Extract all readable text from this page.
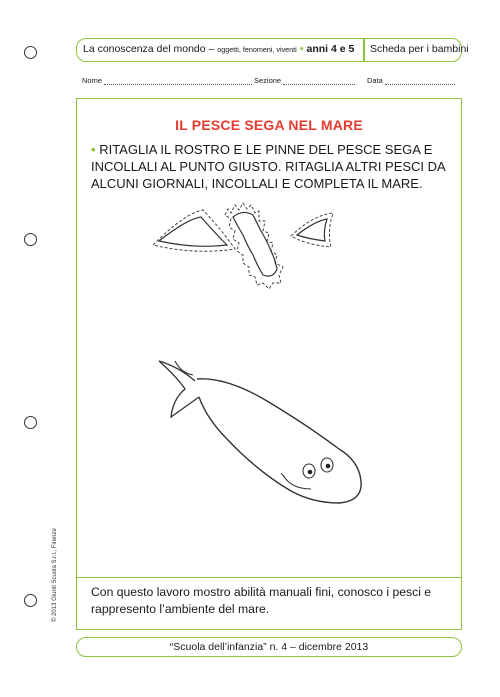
La conoscenza del mondo – oggetti, fenomeni, viventi • anni 4 e 5 Scheda per i bambini
Nome	Sezione	Data
IL PESCE SEGA NEL MARE
• RITAGLIA IL ROSTRO E LE PINNE DEL PESCE SEGA E INCOLLALI AL PUNTO GIUSTO. RITAGLIA ALTRI PESCI DA ALCUNI GIORNALI, INCOLLALI E COMPLETA IL MARE.

Con questo lavoro mostro abilità manuali fini, conosco i pesci e rappresento l’ambiente del mare.

© 2013 Giunti Scuola S.r.l., Firenze
“Scuola dell’infanzia” n. 4 – dicembre 2013
